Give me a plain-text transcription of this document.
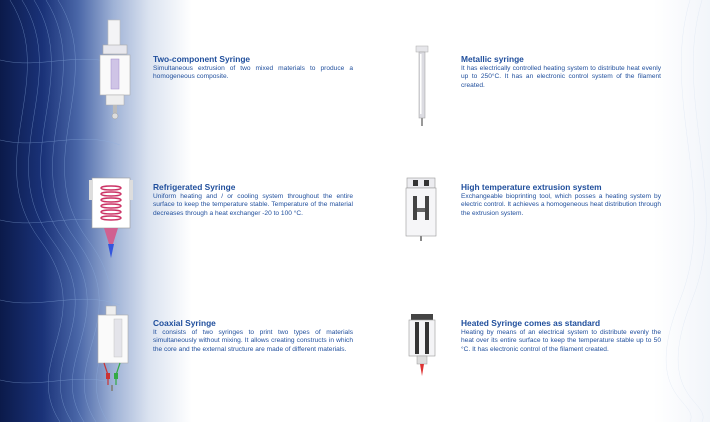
Two-component Syringe

Simultaneous extrusion of two mixed materials to produce a homogeneous composite.

Metallic syringe

It has electrically controlled heating system to distribute heat evenly up to 250°C. It has an electronic control system of the filament created.

Refrigerated Syringe

Uniform heating and / or cooling system throughout the entire surface to keep the temperature stable. Temperature of the material decreases through a heat exchanger -20 to 100 °C.

High temperature extrusion system

Exchangeable bioprinting tool, which posses a heating system by electric control. It achieves a homogeneous heat distribution through the extrusion system.

Coaxial Syringe

It consists of two syringes to print two types of materials simultaneously without mixing. It allows creating constructs in which the core and the external structure are made of different materials.

Heated Syringe comes as standard

Heating by means of an electrical system to distribute evenly the heat over its entire surface to keep the temperature stable up to 50 °C. It has electronic control of the filament created.
